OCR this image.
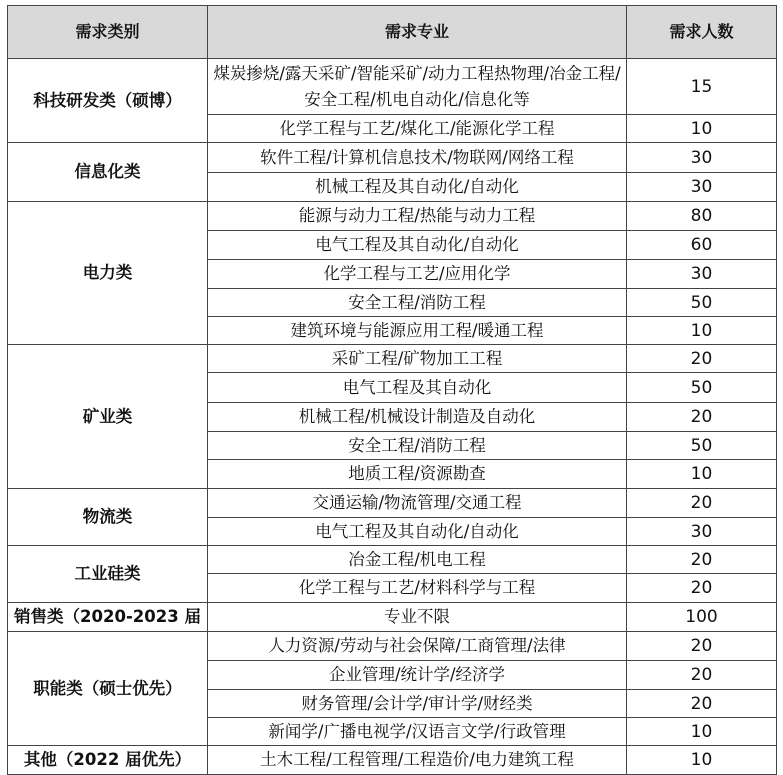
需求类别	需求专业	需求人数
科技研发类（硕博）	煤炭掺烧/露天采矿/智能采矿/动力工程热物理/冶金工程/安全工程/机电自动化/信息化等	15
	化学工程与工艺/煤化工/能源化学工程	10
信息化类	软件工程/计算机信息技术/物联网/网络工程	30
	机械工程及其自动化/自动化	30
电力类	能源与动力工程/热能与动力工程	80
	电气工程及其自动化/自动化	60
	化学工程与工艺/应用化学	30
	安全工程/消防工程	50
	建筑环境与能源应用工程/暖通工程	10
矿业类	采矿工程/矿物加工工程	20
	电气工程及其自动化	50
	机械工程/机械设计制造及自动化	20
	安全工程/消防工程	50
	地质工程/资源勘查	10
物流类	交通运输/物流管理/交通工程	20
	电气工程及其自动化/自动化	30
工业硅类	冶金工程/机电工程	20
	化学工程与工艺/材料科学与工程	20
销售类（2020-2023 届	专业不限	100
职能类（硕士优先）	人力资源/劳动与社会保障/工商管理/法律	20
	企业管理/统计学/经济学	20
	财务管理/会计学/审计学/财经类	20
	新闻学/广播电视学/汉语言文学/行政管理	10
其他（2022 届优先）	土木工程/工程管理/工程造价/电力建筑工程	10
